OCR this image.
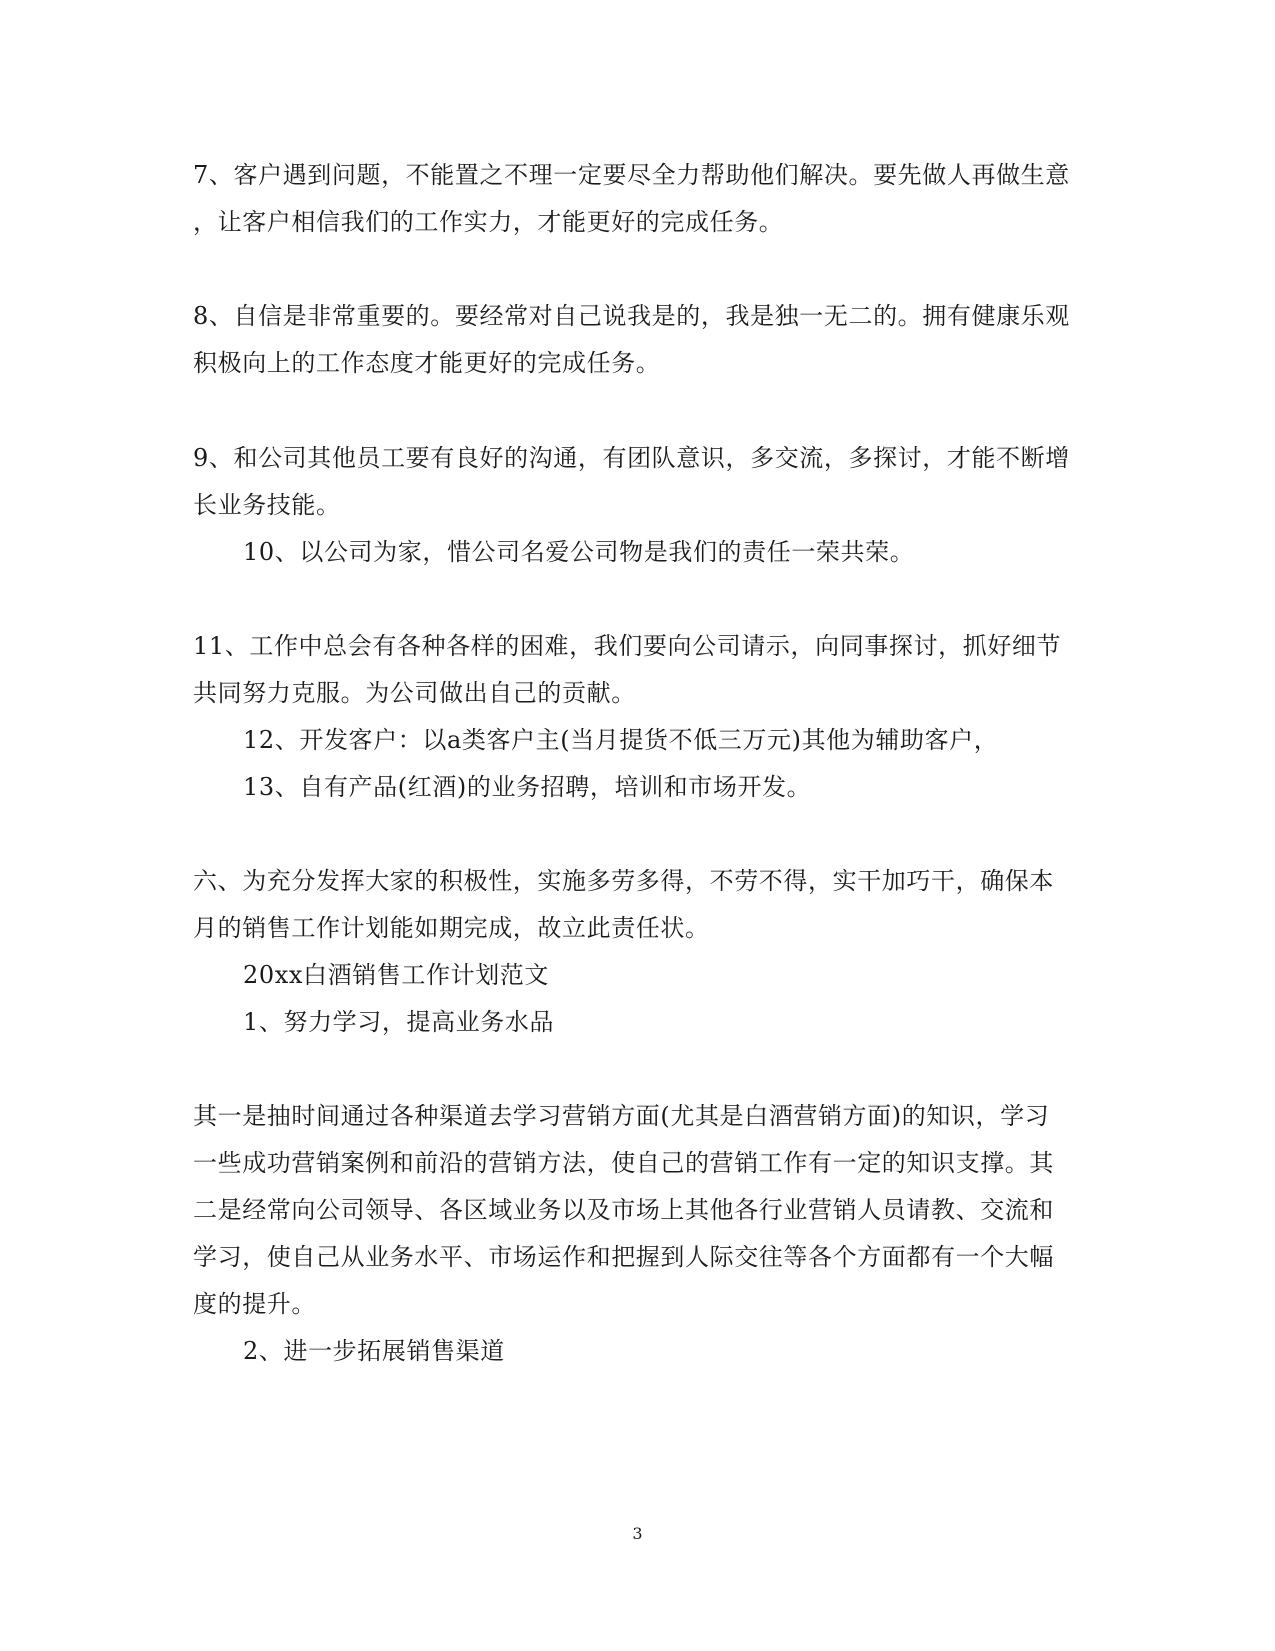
7、客户遇到问题，不能置之不理一定要尽全力帮助他们解决。要先做人再做生意
，让客户相信我们的工作实力，才能更好的完成任务。
8、自信是非常重要的。要经常对自己说我是的，我是独一无二的。拥有健康乐观
积极向上的工作态度才能更好的完成任务。
9、和公司其他员工要有良好的沟通，有团队意识，多交流，多探讨，才能不断增
长业务技能。
10、以公司为家，惜公司名爱公司物是我们的责任一荣共荣。
11、工作中总会有各种各样的困难，我们要向公司请示，向同事探讨，抓好细节
共同努力克服。为公司做出自己的贡献。
12、开发客户：以a类客户主(当月提货不低三万元)其他为辅助客户，
13、自有产品(红酒)的业务招聘，培训和市场开发。
六、为充分发挥大家的积极性，实施多劳多得，不劳不得，实干加巧干，确保本
月的销售工作计划能如期完成，故立此责任状。
20xx白酒销售工作计划范文
1、努力学习，提高业务水品
其一是抽时间通过各种渠道去学习营销方面(尤其是白酒营销方面)的知识，学习
一些成功营销案例和前沿的营销方法，使自己的营销工作有一定的知识支撑。其
二是经常向公司领导、各区域业务以及市场上其他各行业营销人员请教、交流和
学习，使自己从业务水平、市场运作和把握到人际交往等各个方面都有一个大幅
度的提升。
2、进一步拓展销售渠道
3
